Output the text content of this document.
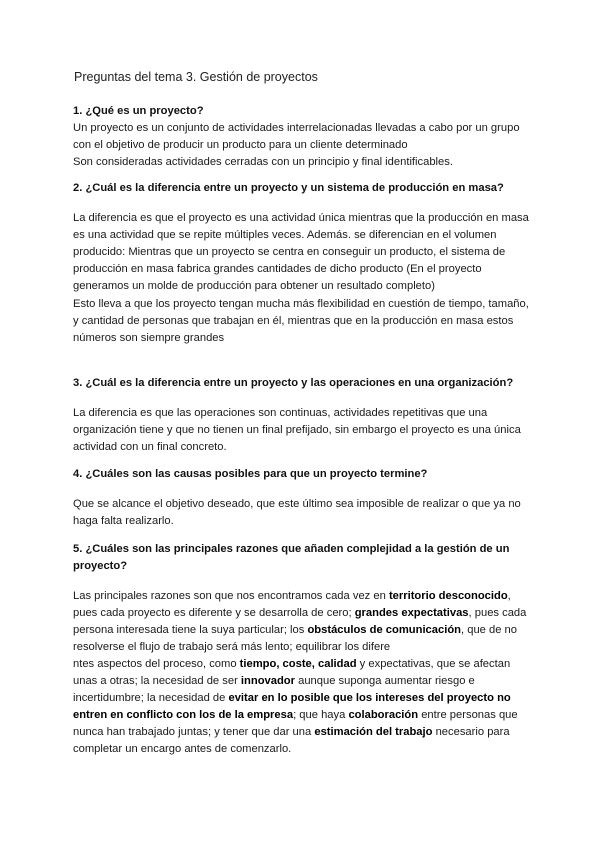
Preguntas del tema 3. Gestión de proyectos

1. ¿Qué es un proyecto?

Un proyecto es un conjunto de actividades interrelacionadas llevadas a cabo por un grupo
con el objetivo de producir un producto para un cliente determinado
Son consideradas actividades cerradas con un principio y final identificables.

2. ¿Cuál es la diferencia entre un proyecto y un sistema de producción en masa?

La diferencia es que el proyecto es una actividad única mientras que la producción en masa
es una actividad que se repite múltiples veces. Además. se diferencian en el volumen
producido: Mientras que un proyecto se centra en conseguir un producto, el sistema de
producción en masa fabrica grandes cantidades de dicho producto (En el proyecto
generamos un molde de producción para obtener un resultado completo)

Esto lleva a que los proyecto tengan mucha más flexibilidad en cuestión de tiempo, tamaño,
y cantidad de personas que trabajan en él, mientras que en la producción en masa estos
números son siempre grandes

3. ¿Cuál es la diferencia entre un proyecto y las operaciones en una organización?

La diferencia es que las operaciones son continuas, actividades repetitivas que una
organización tiene y que no tienen un final prefijado, sin embargo el proyecto es una única
actividad con un final concreto.

4. ¿Cuáles son las causas posibles para que un proyecto termine?

Que se alcance el objetivo deseado, que este último sea imposible de realizar o que ya no
haga falta realizarlo.

5. ¿Cuáles son las principales razones que añaden complejidad a la gestión de un
proyecto?

Las principales razones son que nos encontramos cada vez en territorio desconocido,
pues cada proyecto es diferente y se desarrolla de cero; grandes expectativas, pues cada
persona interesada tiene la suya particular; los obstáculos de comunicación, que de no
resolverse el flujo de trabajo será más lento; equilibrar los difere
ntes aspectos del proceso, como tiempo, coste, calidad y expectativas, que se afectan
unas a otras; la necesidad de ser innovador aunque suponga aumentar riesgo e
incertidumbre; la necesidad de evitar en lo posible que los intereses del proyecto no
entren en conflicto con los de la empresa; que haya colaboración entre personas que
nunca han trabajado juntas; y tener que dar una estimación del trabajo necesario para
completar un encargo antes de comenzarlo.
